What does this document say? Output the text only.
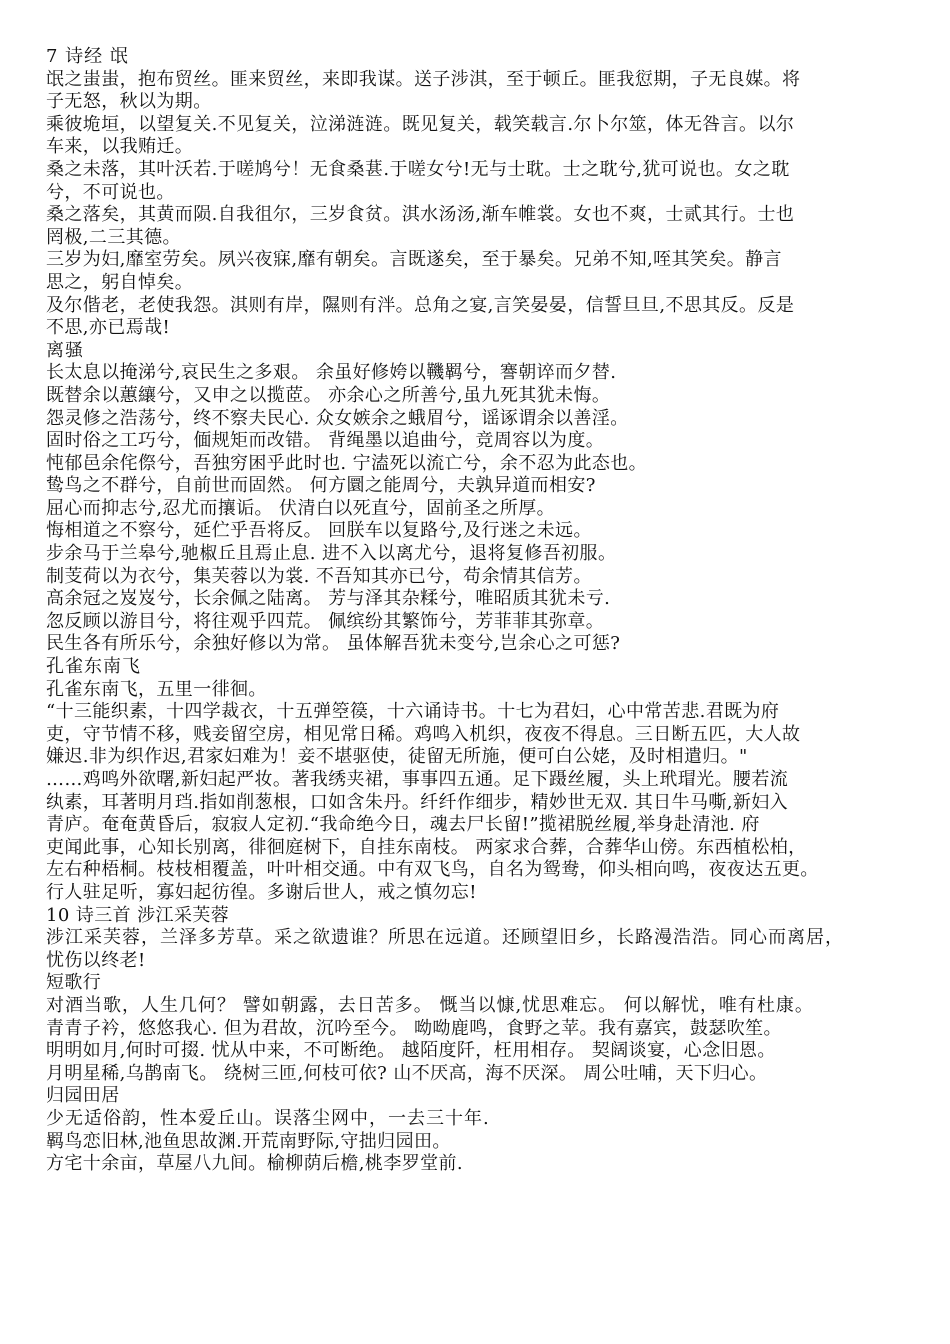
7 诗经 氓
氓之蚩蚩，抱布贸丝。匪来贸丝，来即我谋。送子涉淇，至于顿丘。匪我愆期，子无良媒。将
子无怒，秋以为期。
乘彼垝垣，以望复关.不见复关，泣涕涟涟。既见复关，载笑载言.尔卜尔筮，体无咎言。以尔
车来，以我贿迁。
桑之未落，其叶沃若.于嗟鸠兮！无食桑葚.于嗟女兮!无与士耽。士之耽兮,犹可说也。女之耽
兮，不可说也。
桑之落矣，其黄而陨.自我徂尔，三岁食贫。淇水汤汤,渐车帷裳。女也不爽，士贰其行。士也
罔极,二三其德。
三岁为妇,靡室劳矣。夙兴夜寐,靡有朝矣。言既遂矣，至于暴矣。兄弟不知,咥其笑矣。静言
思之，躬自悼矣。
及尔偕老，老使我怨。淇则有岸，隰则有泮。总角之宴,言笑晏晏，信誓旦旦,不思其反。反是
不思,亦已焉哉!
离骚
长太息以掩涕兮,哀民生之多艰。 余虽好修姱以鞿羁兮，謇朝谇而夕替.
既替余以蕙纕兮，又申之以揽茝。 亦余心之所善兮,虽九死其犹未悔。
怨灵修之浩荡兮，终不察夫民心. 众女嫉余之蛾眉兮，谣诼谓余以善淫。
固时俗之工巧兮，偭规矩而改错。 背绳墨以追曲兮，竞周容以为度。
忳郁邑余侘傺兮，吾独穷困乎此时也. 宁溘死以流亡兮，余不忍为此态也。
鸷鸟之不群兮，自前世而固然。 何方圜之能周兮，夫孰异道而相安?
屈心而抑志兮,忍尤而攘诟。 伏清白以死直兮，固前圣之所厚。
悔相道之不察兮，延伫乎吾将反。 回朕车以复路兮,及行迷之未远。
步余马于兰皋兮,驰椒丘且焉止息. 进不入以离尤兮，退将复修吾初服。
制芰荷以为衣兮，集芙蓉以为裳. 不吾知其亦已兮，苟余情其信芳。
高余冠之岌岌兮，长余佩之陆离。 芳与泽其杂糅兮，唯昭质其犹未亏.
忽反顾以游目兮，将往观乎四荒。 佩缤纷其繁饰兮，芳菲菲其弥章。
民生各有所乐兮，余独好修以为常。 虽体解吾犹未变兮,岂余心之可惩?
孔雀东南飞
孔雀东南飞，五里一徘徊。
“十三能织素，十四学裁衣，十五弹箜篌，十六诵诗书。十七为君妇，心中常苦悲.君既为府
吏，守节情不移，贱妾留空房，相见常日稀。鸡鸣入机织，夜夜不得息。三日断五匹，大人故
嫌迟.非为织作迟,君家妇难为！妾不堪驱使，徒留无所施，便可白公姥，及时相遣归。"
……鸡鸣外欲曙,新妇起严妆。著我绣夹裙，事事四五通。足下蹑丝履，头上玳瑁光。腰若流
纨素，耳著明月珰.指如削葱根，口如含朱丹。纤纤作细步，精妙世无双. 其日牛马嘶,新妇入
青庐。奄奄黄昏后，寂寂人定初.“我命绝今日，魂去尸长留!”揽裙脱丝履,举身赴清池. 府
吏闻此事，心知长别离，徘徊庭树下，自挂东南枝。 两家求合葬，合葬华山傍。东西植松柏，
左右种梧桐。枝枝相覆盖，叶叶相交通。中有双飞鸟，自名为鸳鸯，仰头相向鸣，夜夜达五更。
行人驻足听，寡妇起彷徨。多谢后世人，戒之慎勿忘!
10 诗三首 涉江采芙蓉
涉江采芙蓉，兰泽多芳草。采之欲遗谁？所思在远道。还顾望旧乡，长路漫浩浩。同心而离居，
忧伤以终老!
短歌行
对酒当歌，人生几何？ 譬如朝露，去日苦多。 慨当以慷,忧思难忘。 何以解忧，唯有杜康。
青青子衿，悠悠我心. 但为君故，沉吟至今。 呦呦鹿鸣，食野之苹。我有嘉宾，鼓瑟吹笙。
明明如月,何时可掇. 忧从中来，不可断绝。 越陌度阡，枉用相存。 契阔谈宴，心念旧恩。
月明星稀,乌鹊南飞。 绕树三匝,何枝可依? 山不厌高，海不厌深。 周公吐哺，天下归心。
归园田居
少无适俗韵，性本爱丘山。误落尘网中，一去三十年.
羁鸟恋旧林,池鱼思故渊.开荒南野际,守拙归园田。
方宅十余亩，草屋八九间。榆柳荫后檐,桃李罗堂前.
